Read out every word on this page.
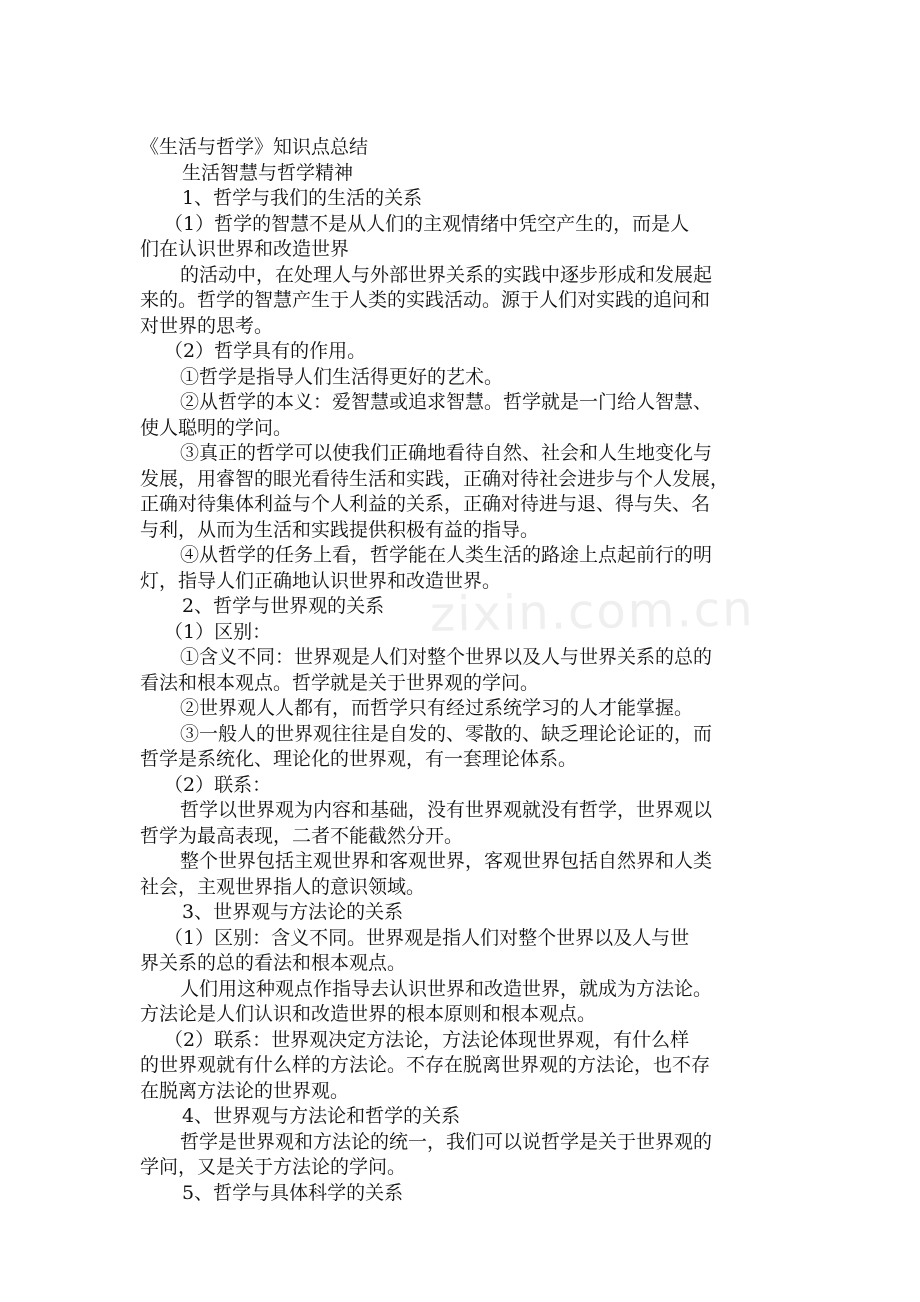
zixin.com.cn

《生活与哲学》知识点总结

生活智慧与哲学精神

1、哲学与我们的生活的关系

（1）哲学的智慧不是从人们的主观情绪中凭空产生的，而是人

们在认识世界和改造世界

的活动中，在处理人与外部世界关系的实践中逐步形成和发展起

来的。哲学的智慧产生于人类的实践活动。源于人们对实践的追问和

对世界的思考。

（2）哲学具有的作用。

①哲学是指导人们生活得更好的艺术。

②从哲学的本义：爱智慧或追求智慧。哲学就是一门给人智慧、

使人聪明的学问。

③真正的哲学可以使我们正确地看待自然、社会和人生地变化与

发展，用睿智的眼光看待生活和实践，正确对待社会进步与个人发展，

正确对待集体利益与个人利益的关系，正确对待进与退、得与失、名

与利，从而为生活和实践提供积极有益的指导。

④从哲学的任务上看，哲学能在人类生活的路途上点起前行的明

灯，指导人们正确地认识世界和改造世界。

2、哲学与世界观的关系

（1）区别：

①含义不同：世界观是人们对整个世界以及人与世界关系的总的

看法和根本观点。哲学就是关于世界观的学问。

②世界观人人都有，而哲学只有经过系统学习的人才能掌握。

③一般人的世界观往往是自发的、零散的、缺乏理论论证的，而

哲学是系统化、理论化的世界观，有一套理论体系。

（2）联系：

哲学以世界观为内容和基础，没有世界观就没有哲学，世界观以

哲学为最高表现，二者不能截然分开。

整个世界包括主观世界和客观世界，客观世界包括自然界和人类

社会，主观世界指人的意识领域。

3、世界观与方法论的关系

（1）区别：含义不同。世界观是指人们对整个世界以及人与世

界关系的总的看法和根本观点。

人们用这种观点作指导去认识世界和改造世界，就成为方法论。

方法论是人们认识和改造世界的根本原则和根本观点。

（2）联系：世界观决定方法论，方法论体现世界观，有什么样

的世界观就有什么样的方法论。不存在脱离世界观的方法论，也不存

在脱离方法论的世界观。

4、世界观与方法论和哲学的关系

哲学是世界观和方法论的统一，我们可以说哲学是关于世界观的

学问，又是关于方法论的学问。

5、哲学与具体科学的关系
